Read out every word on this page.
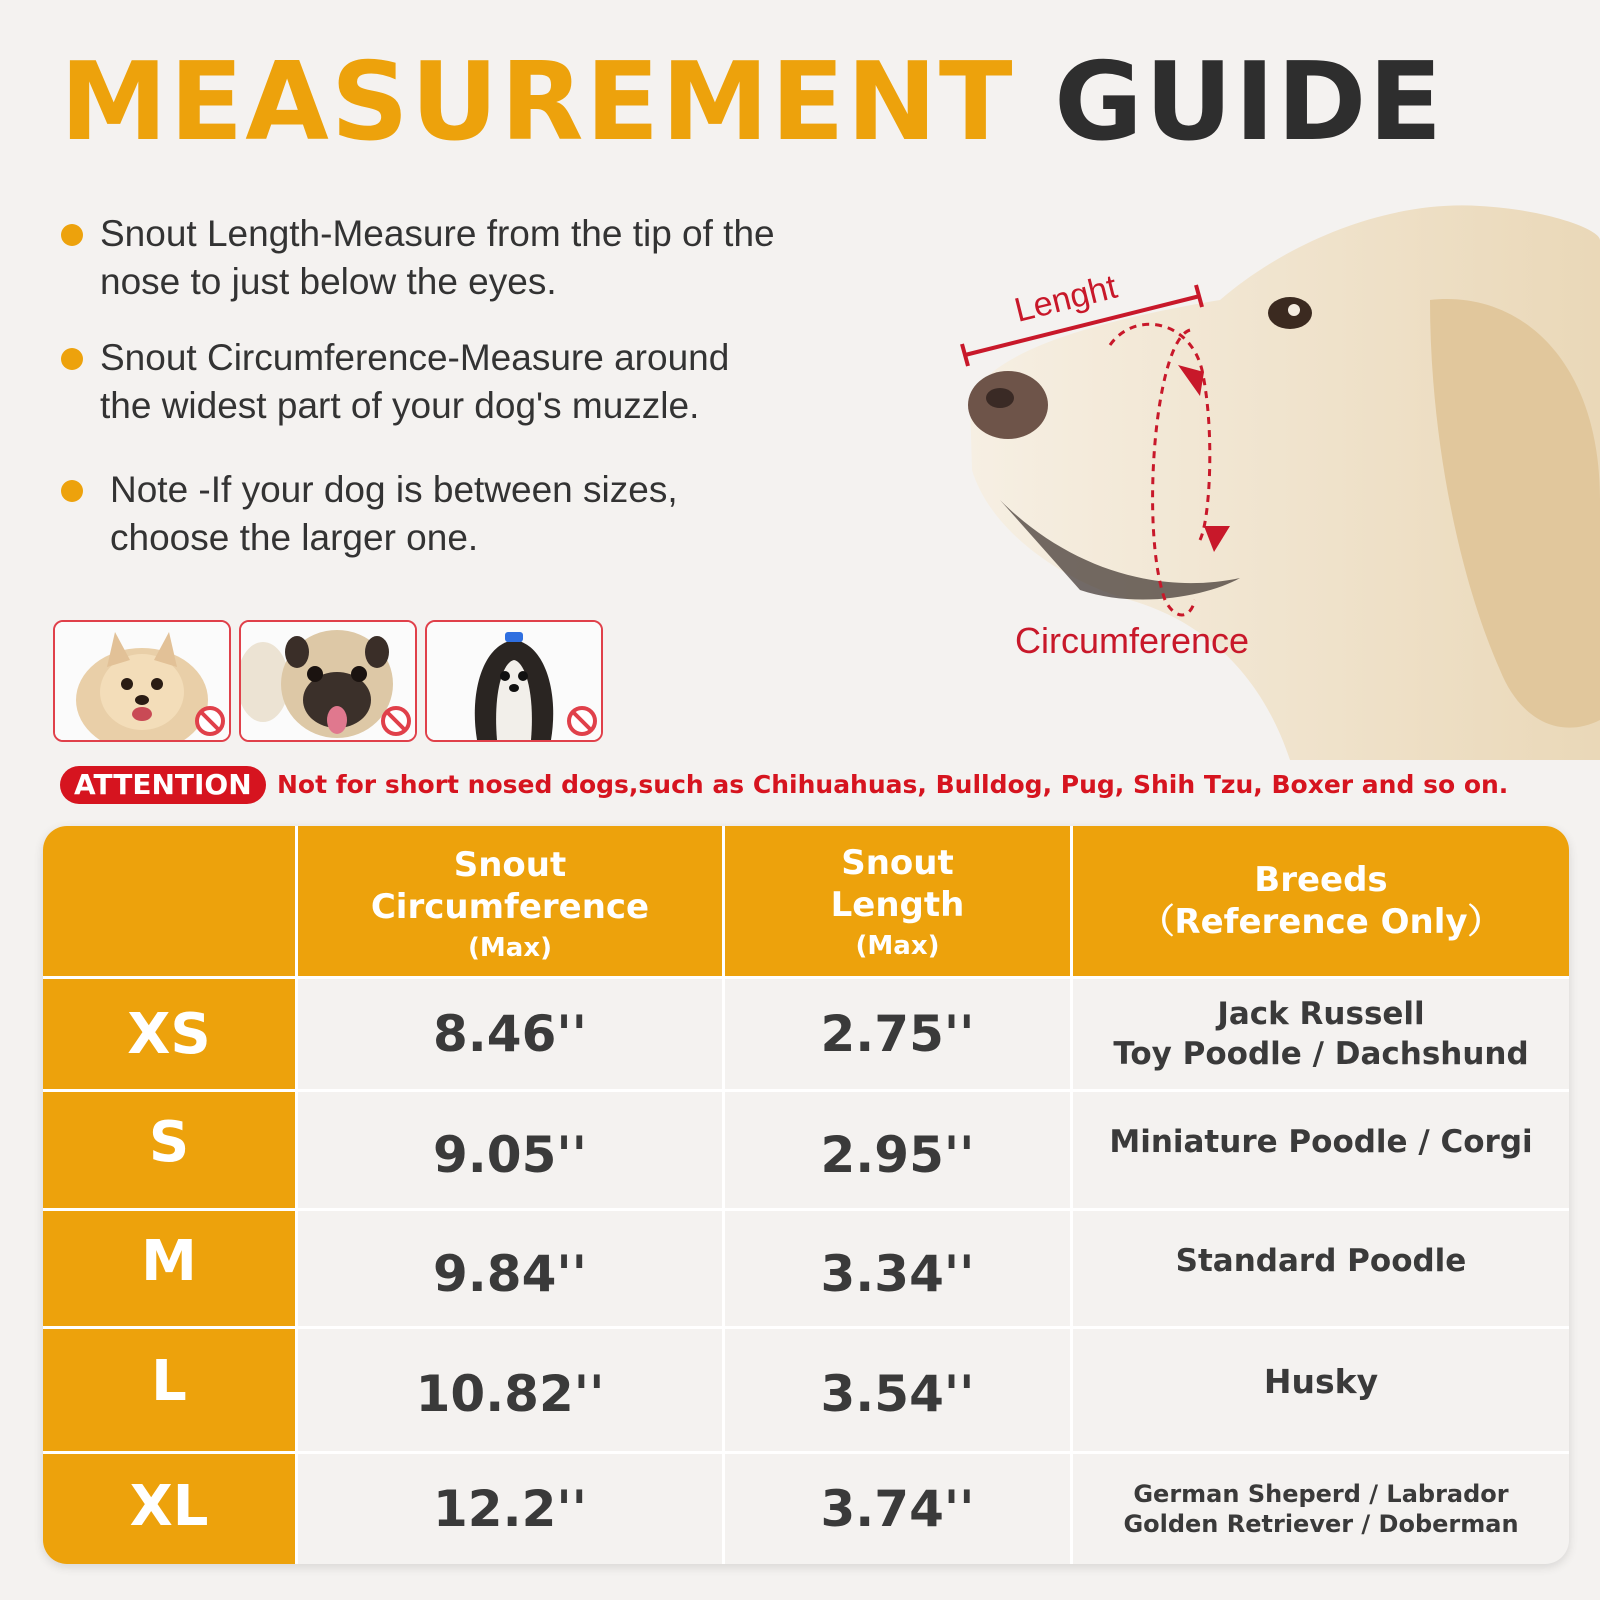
MEASUREMENT GUIDE
Snout Length-Measure from the tip of the
nose to just below the eyes.
Snout Circumference-Measure around
the widest part of your dog's muzzle.
Note -If your dog is between sizes,
choose the larger one.
Lenght
Circumference
ATTENTION	Not for short nosed dogs,such as Chihuahuas, Bulldog, Pug, Shih Tzu, Boxer and so on.
Snout
Circumference
(Max)
Snout
Length
(Max)
Breeds
（Reference Only）
XS	8.46''	2.75''	Jack Russell
Toy Poodle / Dachshund
S	9.05''	2.95''	Miniature Poodle / Corgi
M	9.84''	3.34''	Standard Poodle
L	10.82''	3.54''	Husky
XL	12.2''	3.74''	German Sheperd / Labrador
Golden Retriever / Doberman
